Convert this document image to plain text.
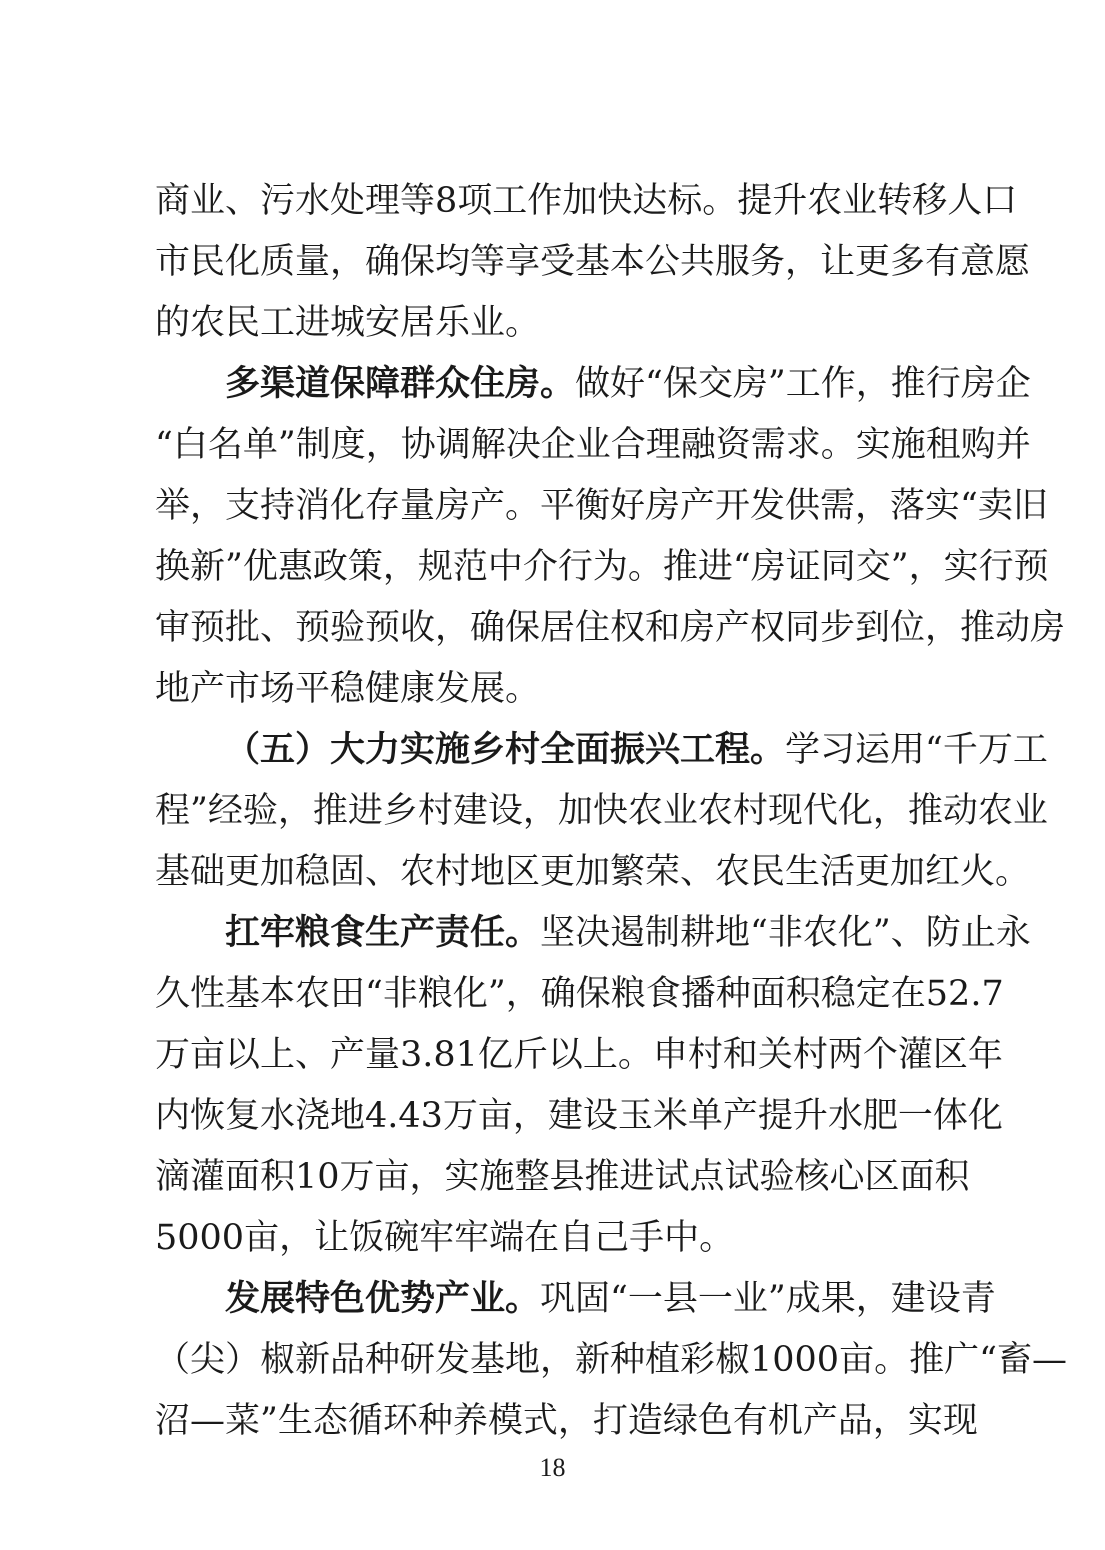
商业、污水处理等8项工作加快达标。提升农业转移人口
市民化质量，确保均等享受基本公共服务，让更多有意愿
的农民工进城安居乐业。
多渠道保障群众住房。做好“保交房”工作，推行房企
“白名单”制度，协调解决企业合理融资需求。实施租购并
举，支持消化存量房产。平衡好房产开发供需，落实“卖旧
换新”优惠政策，规范中介行为。推进“房证同交”，实行预
审预批、预验预收，确保居住权和房产权同步到位，推动房
地产市场平稳健康发展。
（五）大力实施乡村全面振兴工程。学习运用“千万工
程”经验，推进乡村建设，加快农业农村现代化，推动农业
基础更加稳固、农村地区更加繁荣、农民生活更加红火。
扛牢粮食生产责任。坚决遏制耕地“非农化”、防止永
久性基本农田“非粮化”，确保粮食播种面积稳定在52.7
万亩以上、产量3.81亿斤以上。申村和关村两个灌区年
内恢复水浇地4.43万亩，建设玉米单产提升水肥一体化
滴灌面积10万亩，实施整县推进试点试验核心区面积
5000亩，让饭碗牢牢端在自己手中。
发展特色优势产业。巩固“一县一业”成果，建设青
（尖）椒新品种研发基地，新种植彩椒1000亩。推广“畜—
沼—菜”生态循环种养模式，打造绿色有机产品，实现
18
